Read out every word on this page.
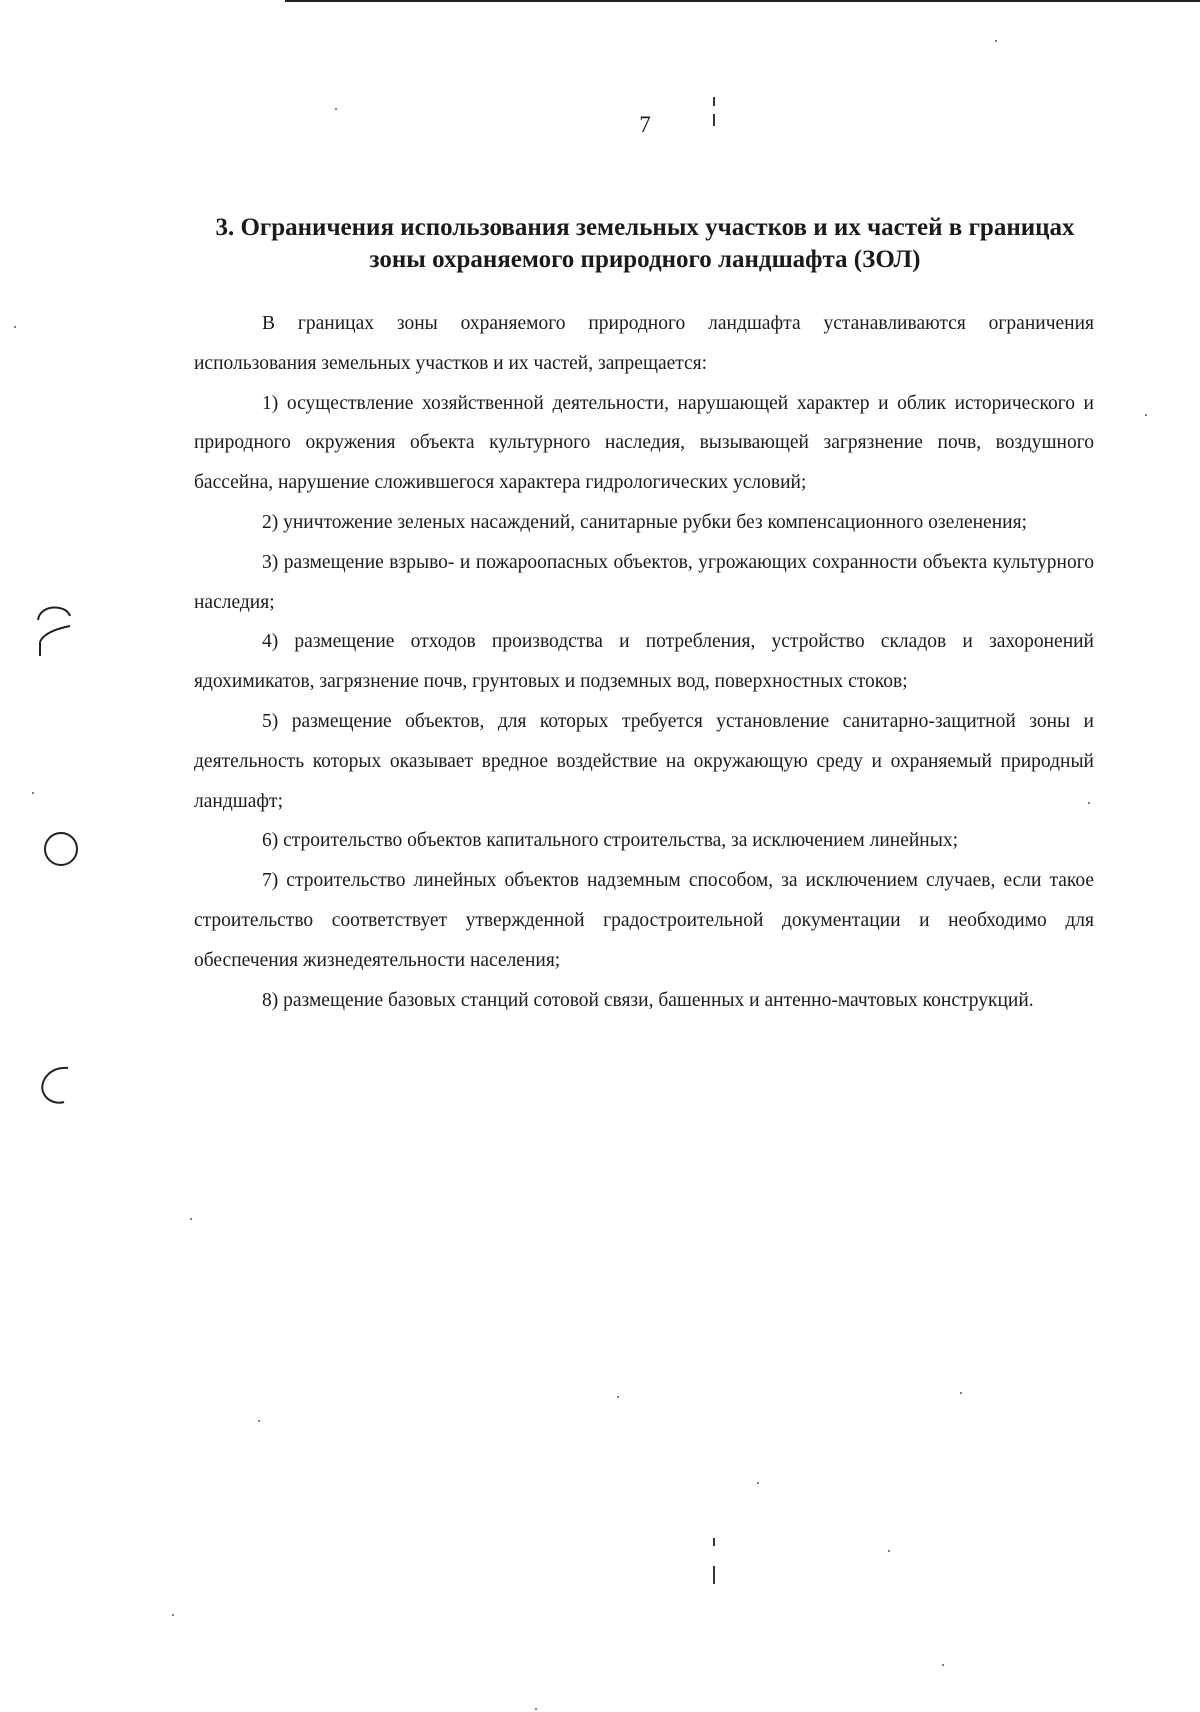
7
3. Ограничения использования земельных участков и их частей в границах зоны охраняемого природного ландшафта (ЗОЛ)

В границах зоны охраняемого природного ландшафта устанавливаются ограничения использования земельных участков и их частей, запрещается:

1) осуществление хозяйственной деятельности, нарушающей характер и облик исторического и природного окружения объекта культурного наследия, вызывающей загрязнение почв, воздушного бассейна, нарушение сложившегося характера гидрологических условий;

2) уничтожение зеленых насаждений, санитарные рубки без компенсационного озеленения;

3) размещение взрыво- и пожароопасных объектов, угрожающих сохранности объекта культурного наследия;

4) размещение отходов производства и потребления, устройство складов и захоронений ядохимикатов, загрязнение почв, грунтовых и подземных вод, поверхностных стоков;

5) размещение объектов, для которых требуется установление санитарно-защитной зоны и деятельность которых оказывает вредное воздействие на окружающую среду и охраняемый природный ландшафт;

6) строительство объектов капитального строительства, за исключением линейных;

7) строительство линейных объектов надземным способом, за исключением случаев, если такое строительство соответствует утвержденной градостроительной документации и необходимо для обеспечения жизнедеятельности населения;

8) размещение базовых станций сотовой связи, башенных и антенно-мачтовых конструкций.
